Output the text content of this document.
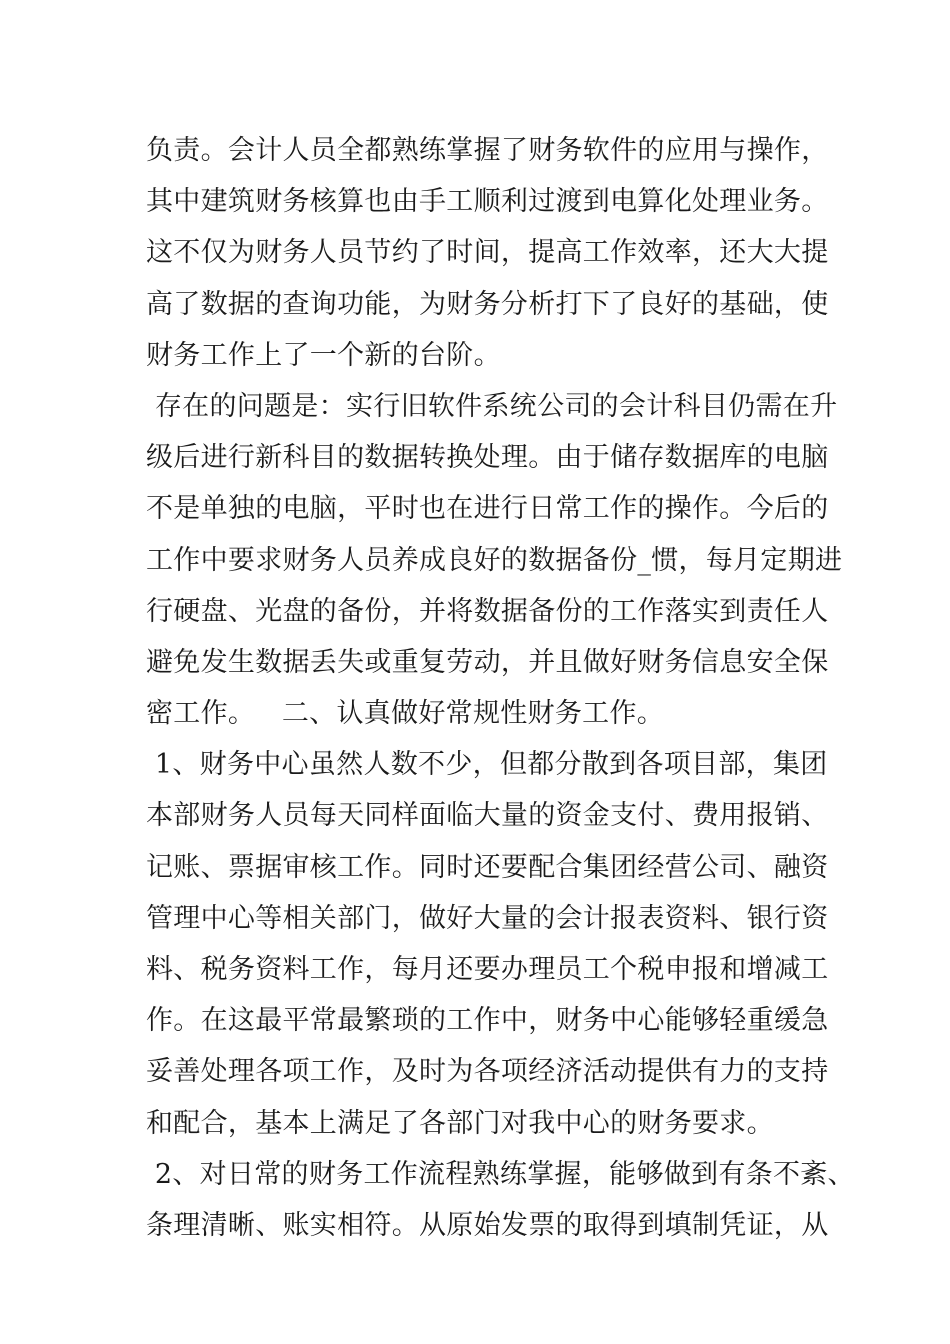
负责。会计人员全都熟练掌握了财务软件的应用与操作，
其中建筑财务核算也由手工顺利过渡到电算化处理业务。
这不仅为财务人员节约了时间，提高工作效率，还大大提
高了数据的查询功能，为财务分析打下了良好的基础，使
财务工作上了一个新的台阶。
存在的问题是：实行旧软件系统公司的会计科目仍需在升
级后进行新科目的数据转换处理。由于储存数据库的电脑
不是单独的电脑，平时也在进行日常工作的操作。今后的
工作中要求财务人员养成良好的数据备份_惯，每月定期进
行硬盘、光盘的备份，并将数据备份的工作落实到责任人
避免发生数据丢失或重复劳动，并且做好财务信息安全保
密工作。   二、认真做好常规性财务工作。
1、财务中心虽然人数不少，但都分散到各项目部，集团
本部财务人员每天同样面临大量的资金支付、费用报销、
记账、票据审核工作。同时还要配合集团经营公司、融资
管理中心等相关部门，做好大量的会计报表资料、银行资
料、税务资料工作，每月还要办理员工个税申报和增减工
作。在这最平常最繁琐的工作中，财务中心能够轻重缓急
妥善处理各项工作，及时为各项经济活动提供有力的支持
和配合，基本上满足了各部门对我中心的财务要求。
2、对日常的财务工作流程熟练掌握，能够做到有条不紊、
条理清晰、账实相符。从原始发票的取得到填制凭证，从
